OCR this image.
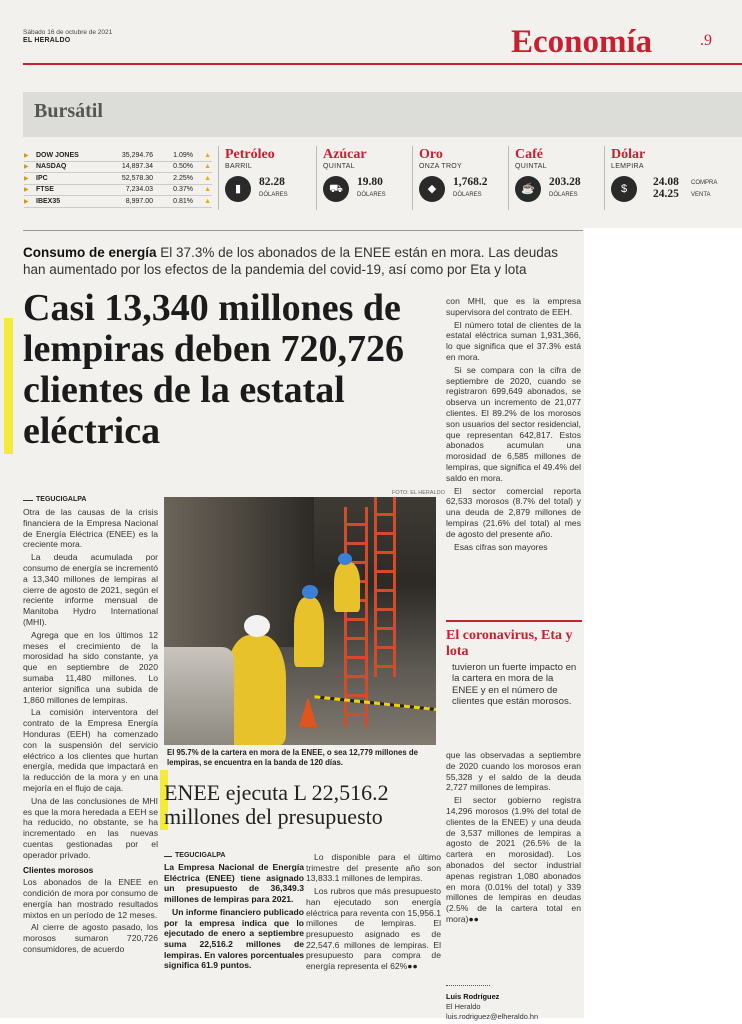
Sábado 16 de octubre de 2021
EL HERALDO	Economía	.9
Bursátil
▶	DOW JONES	35,294.76	1.09%	▲
▶	NASDAQ	14,897.34	0.50%	▲
▶	IPC	52,578.30	2.25%	▲
▶	FTSE	7,234.03	0.37%	▲
▶	IBEX35	8,997.00	0.81%	▲
Petróleo
BARRIL
▮
82.28
DÓLARES
Azúcar
QUINTAL
⛟
19.80
DÓLARES
Oro
ONZA TROY
◆
1,768.2
DÓLARES
Café
QUINTAL
☕
203.28
DÓLARES
Dólar
LEMPIRA
$
24.08 COMPRA
24.25 VENTA
Consumo de energía El 37.3% de los abonados de la ENEE están en mora. Las deudas han aumentado por los efectos de la pandemia del covid-19, así como por Eta y lota
Casi 13,340 millones de lempiras deben 720,726 clientes de la estatal eléctrica
TEGUCIGALPA

Otra de las causas de la crisis financiera de la Empresa Nacional de Energía Eléctrica (ENEE) es la creciente mora.

La deuda acumulada por consumo de energía se incrementó a 13,340 millones de lempiras al cierre de agosto de 2021, según el reciente informe mensual de Manitoba Hydro International (MHI).

Agrega que en los últimos 12 meses el crecimiento de la morosidad ha sido constante, ya que en septiembre de 2020 sumaba 11,480 millones. Lo anterior significa una subida de 1,860 millones de lempiras.

La comisión interventora del contrato de la Empresa Energía Honduras (EEH) ha comenzado con la suspensión del servicio eléctrico a los clientes que hurtan energía, medida que impactará en la reducción de la mora y en una mejoría en el flujo de caja.

Una de las conclusiones de MHI es que la mora heredada a EEH se ha reducido, no obstante, se ha incrementado en las nuevas cuentas gestionadas por el operador privado.

Clientes morosos

Los abonados de la ENEE en condición de mora por consumo de energía han mostrado resultados mixtos en un período de 12 meses.

Al cierre de agosto pasado, los morosos sumaron 720,726 consumidores, de acuerdo

FOTO: EL HERALDO
El 95.7% de la cartera en mora de la ENEE, o sea 12,779 millones de lempiras, se encuentra en la banda de 120 días.
ENEE ejecuta L 22,516.2 millones del presupuesto
TEGUCIGALPA

La Empresa Nacional de Energía Eléctrica (ENEE) tiene asignado un presupuesto de 36,349.3 millones de lempiras para 2021.

Un informe financiero publicado por la empresa indica que lo ejecutado de enero a septiembre suma 22,516.2 millones de lempiras. En valores porcentuales significa 61.9 puntos.

Lo disponible para el último trimestre del presente año son 13,833.1 millones de lempiras.

Los rubros que más presupuesto han ejecutado son energía eléctrica para reventa con 15,956.1 millones de lempiras. El presupuesto asignado es de 22,547.6 millones de lempiras. El presupuesto para compra de energía representa el 62%●●

con MHI, que es la empresa supervisora del contrato de EEH.

El número total de clientes de la estatal eléctrica suman 1,931,366, lo que significa que el 37.3% está en mora.

Si se compara con la cifra de septiembre de 2020, cuando se registraron 699,649 abonados, se observa un incremento de 21,077 clientes. El 89.2% de los morosos son usuarios del sector residencial, que representan 642,817. Estos abonados acumulan una morosidad de 6,585 millones de lempiras, que significa el 49.4% del saldo en mora.

El sector comercial reporta 62,533 morosos (8.7% del total) y una deuda de 2,879 millones de lempiras (21.6% del total) al mes de agosto del presente año.

Esas cifras son mayores

El coronavirus, Eta y lota
tuvieron un fuerte impacto en la cartera en mora de la ENEE y en el número de clientes que están morosos.

que las observadas a septiembre de 2020 cuando los morosos eran 55,328 y el saldo de la deuda 2,727 millones de lempiras.

El sector gobierno registra 14,296 morosos (1.9% del total de clientes de la ENEE) y una deuda de 3,537 millones de lempiras a agosto de 2021 (26.5% de la cartera en morosidad). Los abonados del sector industrial apenas registran 1,080 abonados en mora (0.01% del total) y 339 millones de lempiras en deudas (2.5% de la cartera total en mora)●●

Luis Rodríguez
El Heraldo
luis.rodriguez@elheraldo.hn
